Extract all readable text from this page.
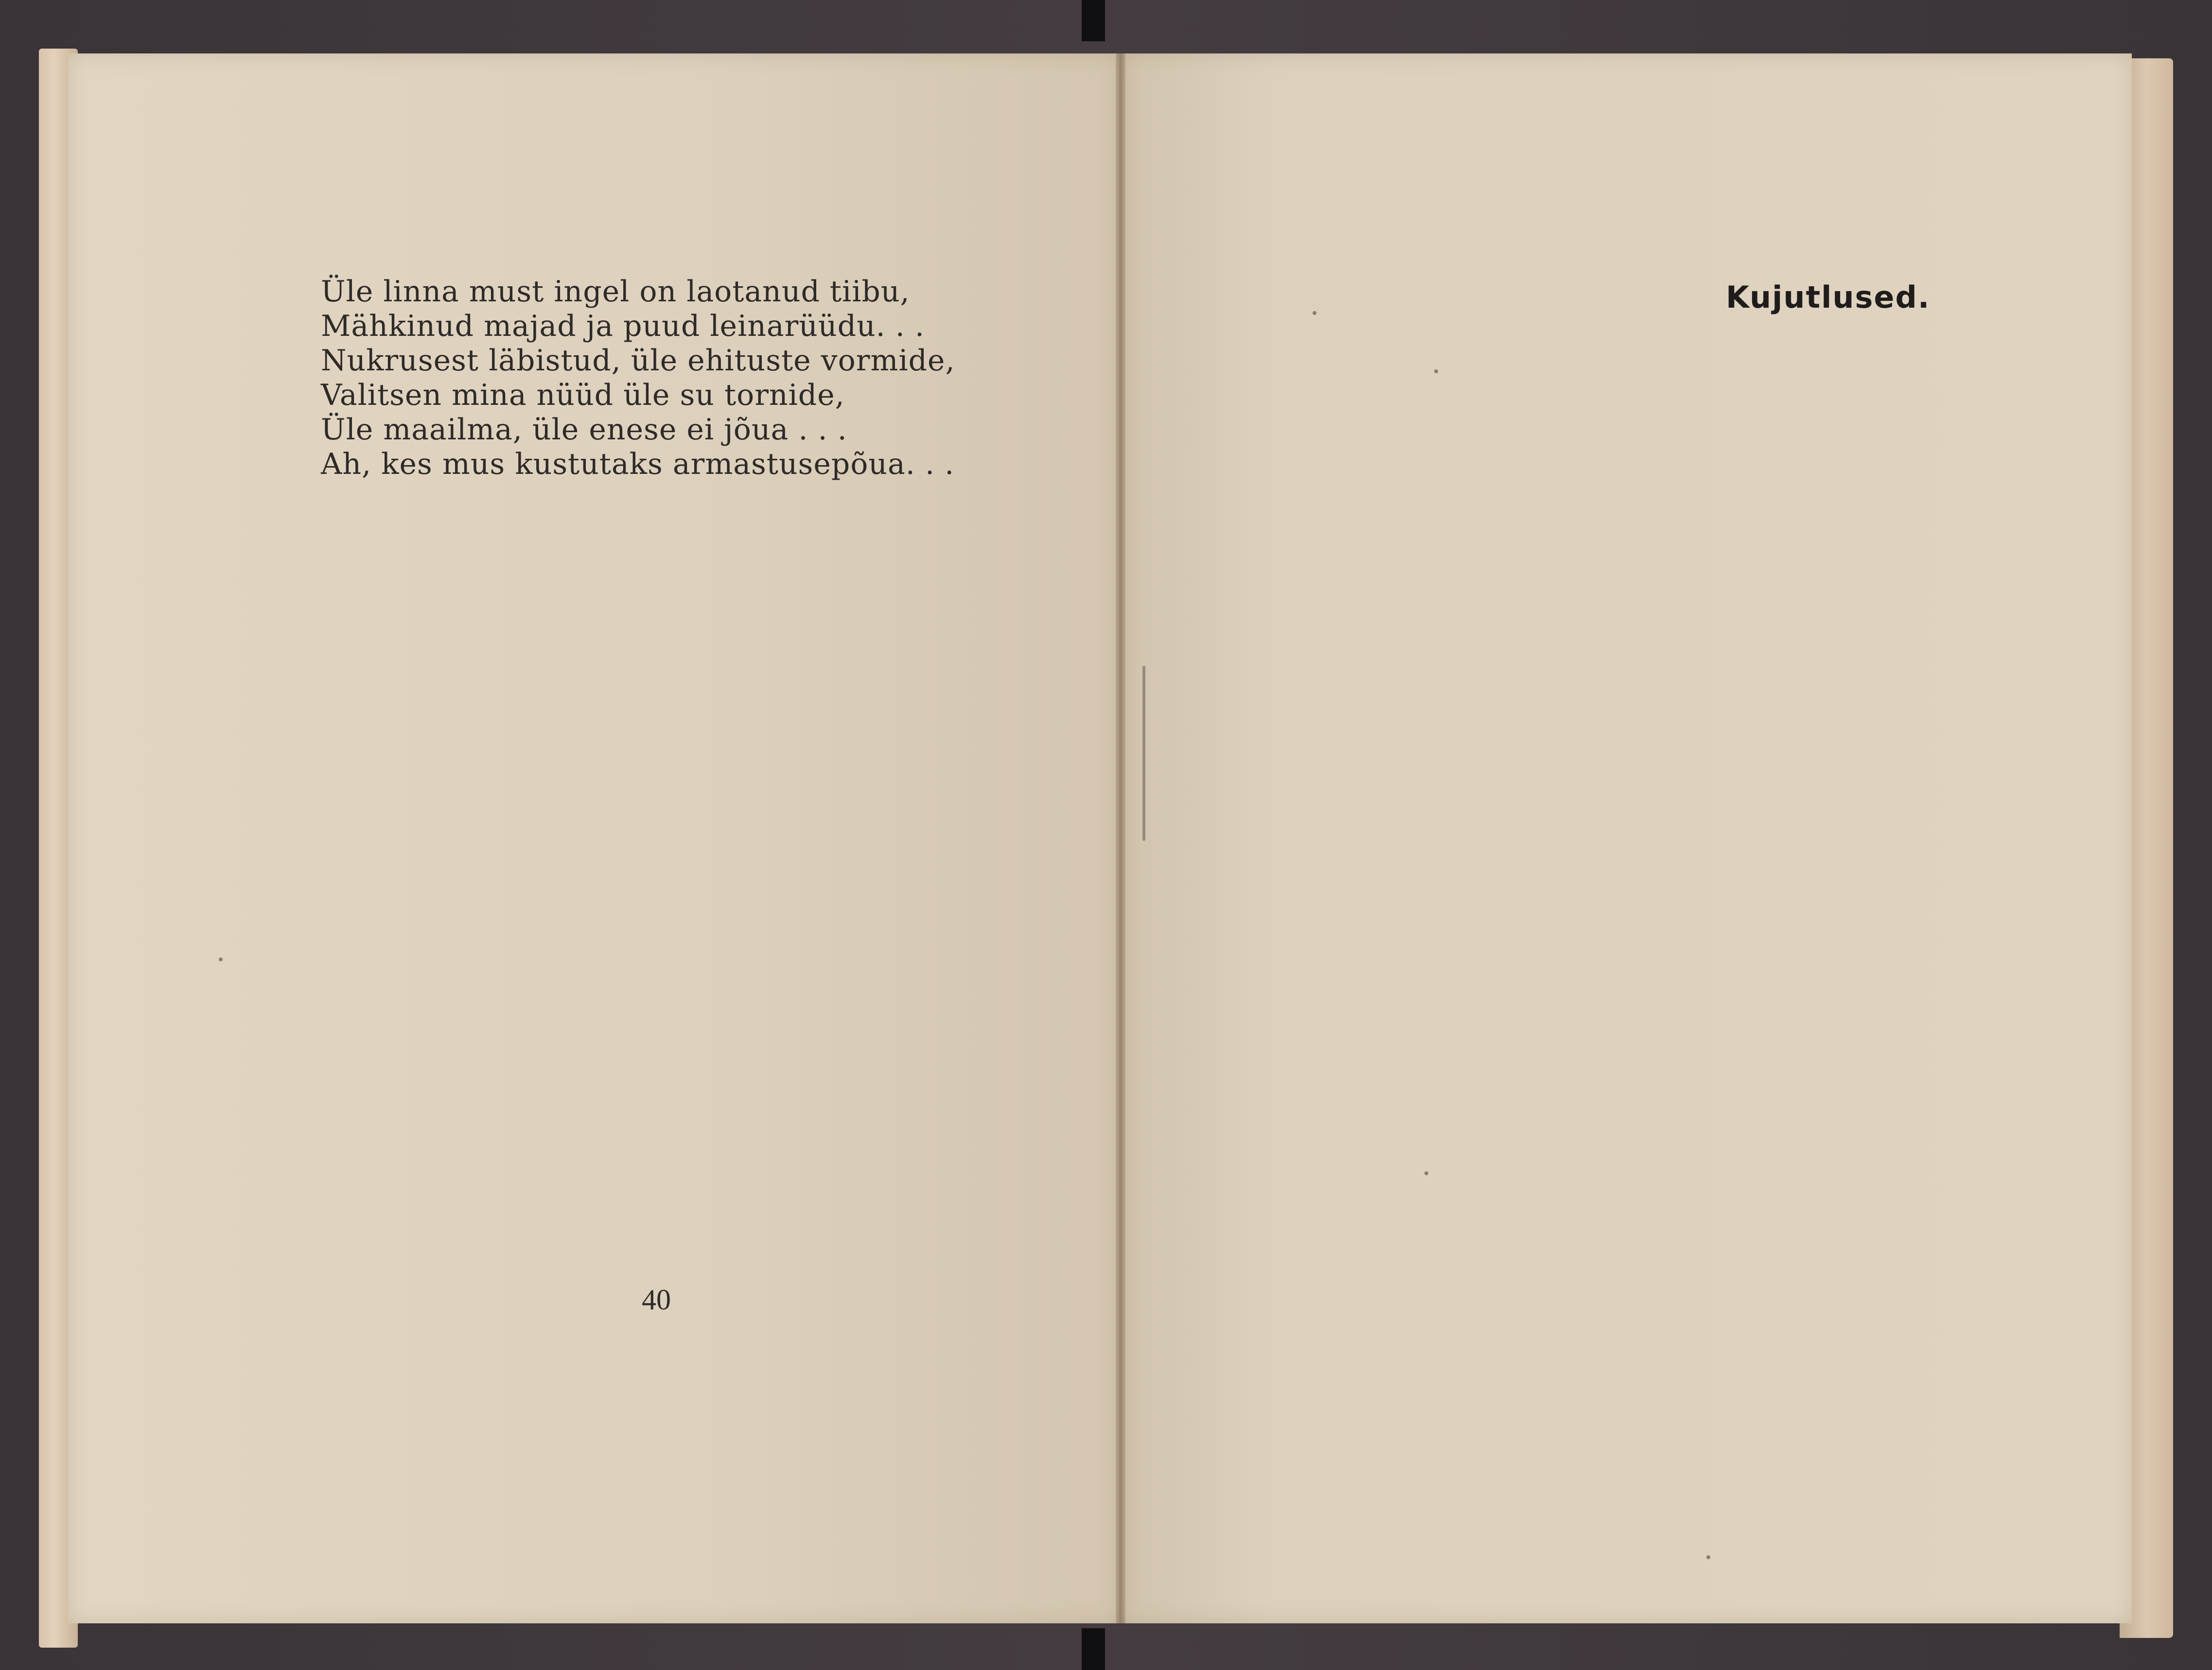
Üle linna must ingel on laotanud tiibu,
Mähkinud majad ja puud leinarüüdu. . .
Nukrusest läbistud, üle ehituste vormide,
Valitsen mina nüüd üle su tornide,
Üle maailma, üle enese ei jõua . . .
Ah, kes mus kustutaks armastusepõua. . .
40
Kujutlused.
